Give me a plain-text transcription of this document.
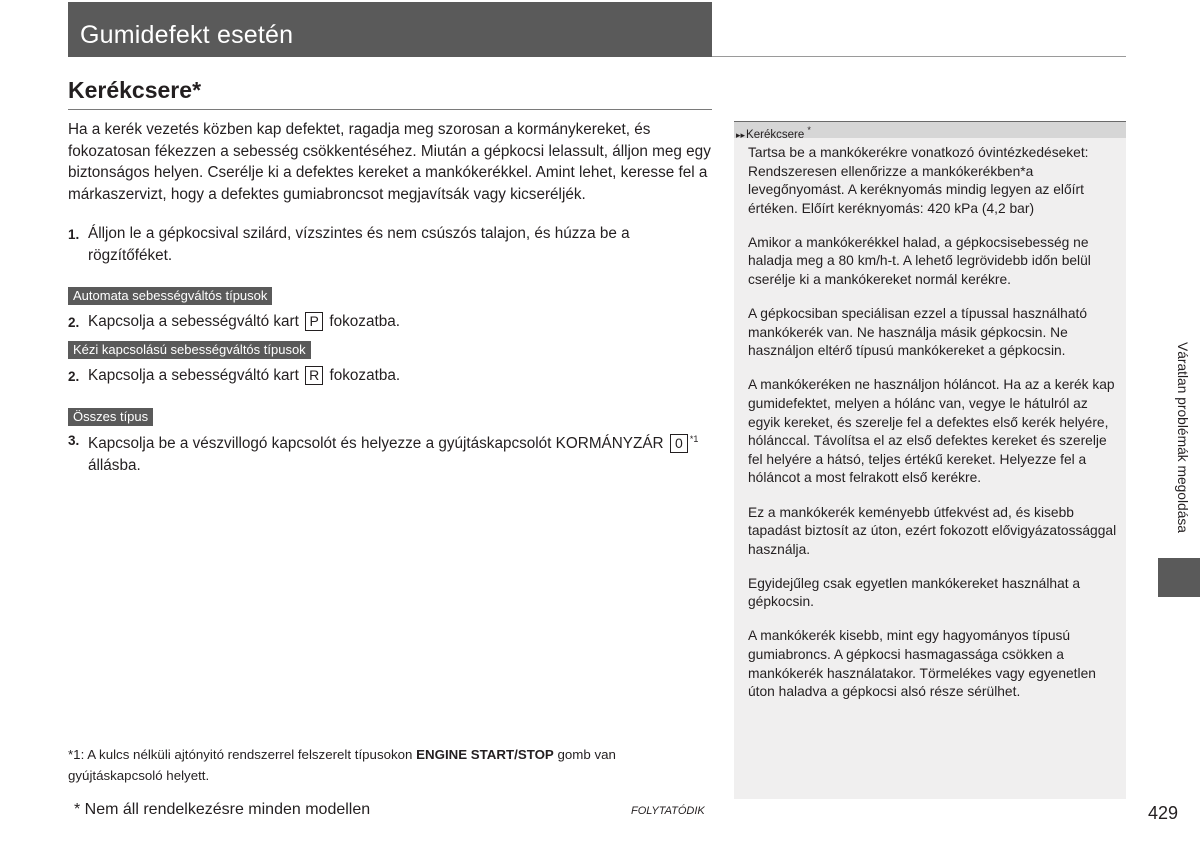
Gumidefekt esetén
Kerékcsere*
Ha a kerék vezetés közben kap defektet, ragadja meg szorosan a kormánykereket, és fokozatosan fékezzen a sebesség csökkentéséhez. Miután a gépkocsi lelassult, álljon meg egy biztonságos helyen. Cserélje ki a defektes kereket a mankókerékkel. Amint lehet, keresse fel a márkaszervizt, hogy a defektes gumiabroncsot megjavítsák vagy kicseréljék.
1. Álljon le a gépkocsival szilárd, vízszintes és nem csúszós talajon, és húzza be a rögzítőféket.
Automata sebességváltós típusok
2. Kapcsolja a sebességváltó kart P fokozatba.
Kézi kapcsolású sebességváltós típusok
2. Kapcsolja a sebességváltó kart R fokozatba.
Összes típus
3. Kapcsolja be a vészvillogó kapcsolót és helyezze a gyújtáskapcsolót KORMÁNYZÁR 0 $^{*1}$ állásba.
*1: A kulcs nélküli ajtónyitó rendszerrel felszerelt típusokon ENGINE START/STOP gomb van gyújtáskapcsoló helyett.
* Nem áll rendelkezésre minden modellen	FOLYTATÓDIK
▸▸Kerékcsere *

Tartsa be a mankókerékre vonatkozó óvintézkedéseket: Rendszeresen ellenőrizze a mankókerékben*a levegőnyomást. A keréknyomás mindig legyen az előírt értéken. Előírt keréknyomás: 420 kPa (4,2 bar)

Amikor a mankókerékkel halad, a gépkocsisebesség ne haladja meg a 80 km/h-t. A lehető legrövidebb időn belül cserélje ki a mankókereket normál kerékre.

A gépkocsiban speciálisan ezzel a típussal használható mankókerék van. Ne használja másik gépkocsin. Ne használjon eltérő típusú mankókereket a gépkocsin.

A mankókeréken ne használjon hóláncot. Ha az a kerék kap gumidefektet, melyen a hólánc van, vegye le hátulról az egyik kereket, és szerelje fel a defektes első kerék helyére, hólánccal. Távolítsa el az első defektes kereket és szerelje fel helyére a hátsó, teljes értékű kereket. Helyezze fel a hóláncot a most felrakott első kerékre.

Ez a mankókerék keményebb útfekvést ad, és kisebb tapadást biztosít az úton, ezért fokozott elővigyázatossággal használja.

Egyidejűleg csak egyetlen mankókereket használhat a gépkocsin.

A mankókerék kisebb, mint egy hagyományos típusú gumiabroncs. A gépkocsi hasmagassága csökken a mankókerék használatakor. Törmelékes vagy egyenetlen úton haladva a gépkocsi alsó része sérülhet.

Váratlan problémák megoldása
429
